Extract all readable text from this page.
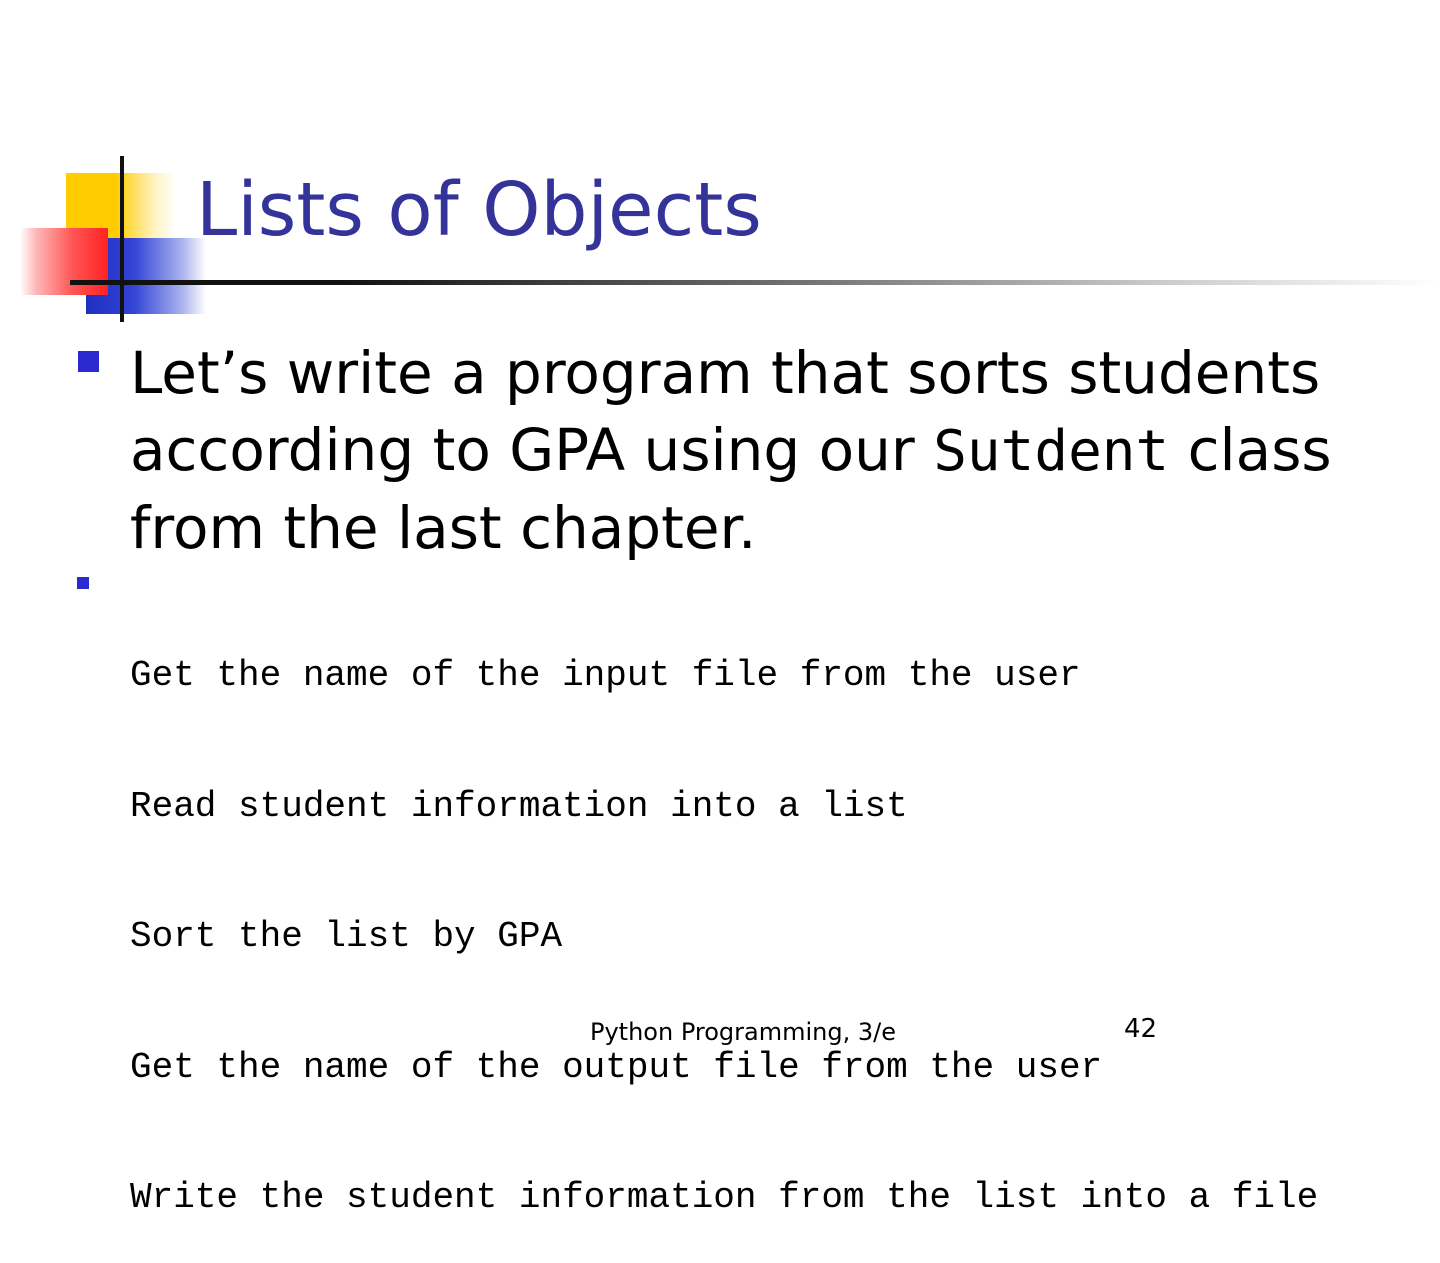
Lists of Objects

Let’s write a program that sorts students according to GPA using our Sutdent class from the last chapter.

Get the name of the input file from the user

Read student information into a list

Sort the list by GPA

Get the name of the output file from the user

Write the student information from the list into a file

Python Programming, 3/e	42
